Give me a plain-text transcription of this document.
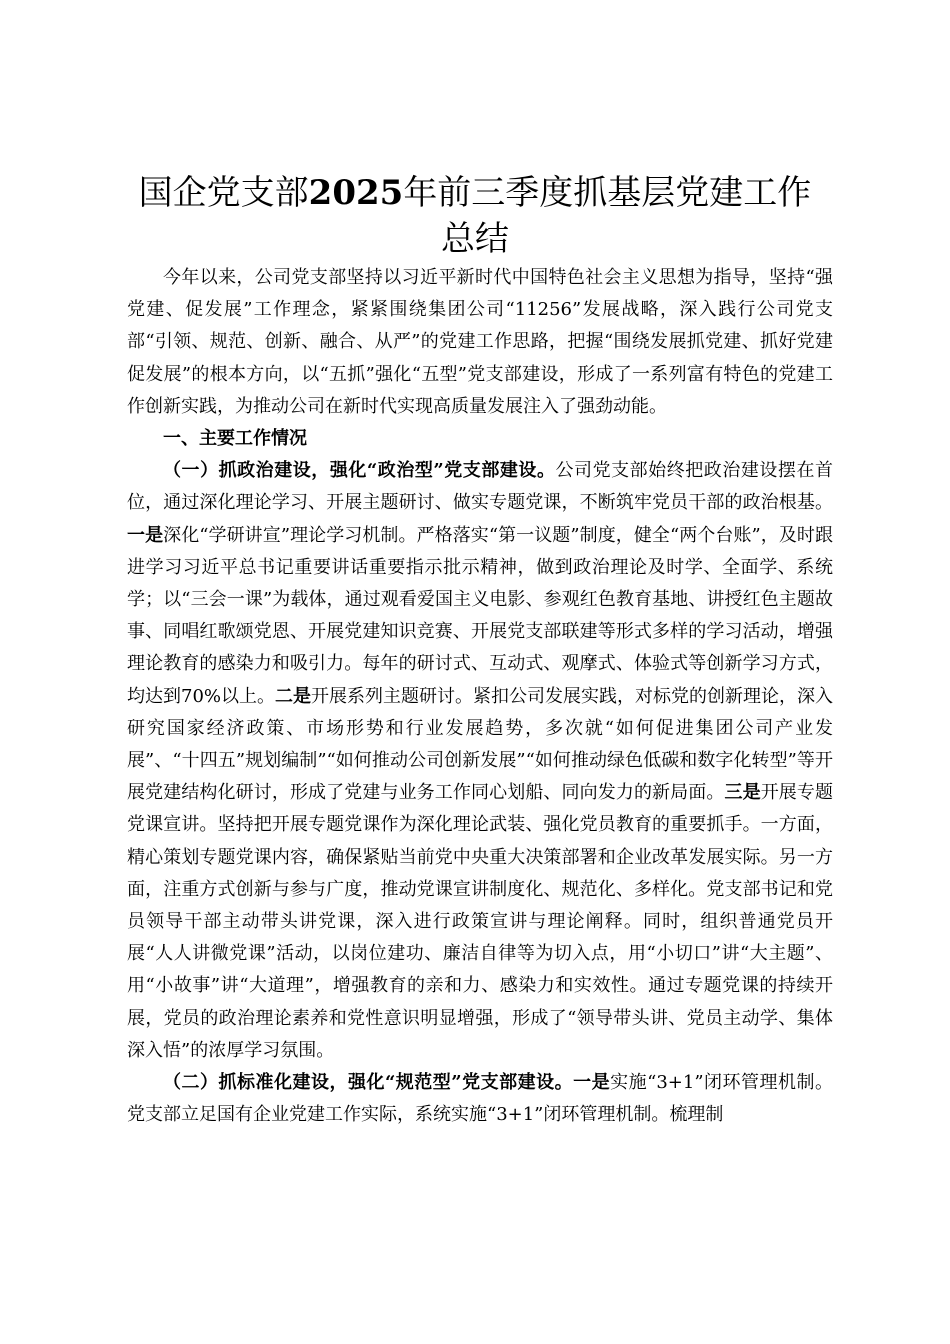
国企党支部2025年前三季度抓基层党建工作
总结

今年以来，公司党支部坚持以习近平新时代中国特色社会主义思想为指导，坚持“强党建、促发展”工作理念，紧紧围绕集团公司“11256”发展战略，深入践行公司党支部“引领、规范、创新、融合、从严”的党建工作思路，把握“围绕发展抓党建、抓好党建促发展”的根本方向，以“五抓”强化“五型”党支部建设，形成了一系列富有特色的党建工作创新实践，为推动公司在新时代实现高质量发展注入了强劲动能。

一、主要工作情况

（一）抓政治建设，强化“政治型”党支部建设。公司党支部始终把政治建设摆在首位，通过深化理论学习、开展主题研讨、做实专题党课，不断筑牢党员干部的政治根基。一是深化“学研讲宣”理论学习机制。严格落实“第一议题”制度，健全“两个台账”，及时跟进学习习近平总书记重要讲话重要指示批示精神，做到政治理论及时学、全面学、系统学；以“三会一课”为载体，通过观看爱国主义电影、参观红色教育基地、讲授红色主题故事、同唱红歌颂党恩、开展党建知识竞赛、开展党支部联建等形式多样的学习活动，增强理论教育的感染力和吸引力。每年的研讨式、互动式、观摩式、体验式等创新学习方式，均达到70%以上。二是开展系列主题研讨。紧扣公司发展实践，对标党的创新理论，深入研究国家经济政策、市场形势和行业发展趋势，多次就“如何促进集团公司产业发展”、“十四五”规划编制”“如何推动公司创新发展”“如何推动绿色低碳和数字化转型”等开展党建结构化研讨，形成了党建与业务工作同心划船、同向发力的新局面。三是开展专题党课宣讲。坚持把开展专题党课作为深化理论武装、强化党员教育的重要抓手。一方面，精心策划专题党课内容，确保紧贴当前党中央重大决策部署和企业改革发展实际。另一方面，注重方式创新与参与广度，推动党课宣讲制度化、规范化、多样化。党支部书记和党员领导干部主动带头讲党课，深入进行政策宣讲与理论阐释。同时，组织普通党员开展“人人讲微党课”活动，以岗位建功、廉洁自律等为切入点，用“小切口”讲“大主题”、用“小故事”讲“大道理”，增强教育的亲和力、感染力和实效性。通过专题党课的持续开展，党员的政治理论素养和党性意识明显增强，形成了“领导带头讲、党员主动学、集体深入悟”的浓厚学习氛围。

（二）抓标准化建设，强化“规范型”党支部建设。一是实施“3+1”闭环管理机制。党支部立足国有企业党建工作实际，系统实施“3+1”闭环管理机制。梳理制
